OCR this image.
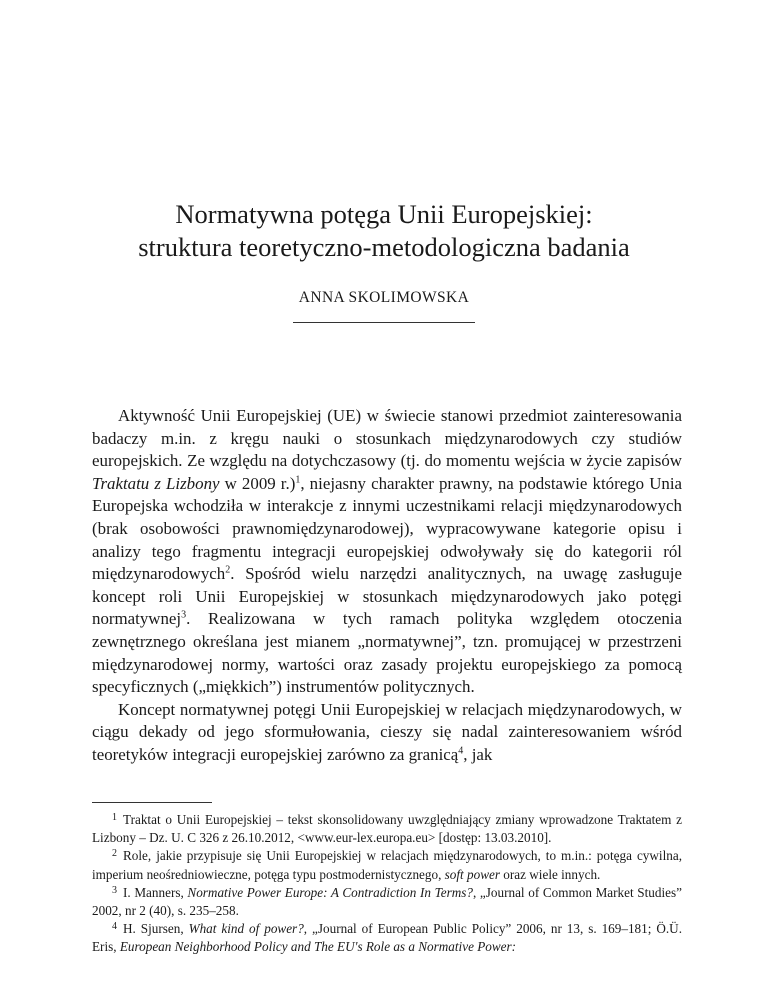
Normatywna potęga Unii Europejskiej:
struktura teoretyczno-metodologiczna badania
ANNA SKOLIMOWSKA

Aktywność Unii Europejskiej (UE) w świecie stanowi przedmiot zainteresowania badaczy m.in. z kręgu nauki o stosunkach międzynarodowych czy studiów europejskich. Ze względu na dotychczasowy (tj. do momentu wejścia w życie zapisów Traktatu z Lizbony w 2009 r.)$^1$, niejasny charakter prawny, na podstawie którego Unia Europejska wchodziła w interakcje z innymi uczestnikami relacji międzynarodowych (brak osobowości prawnomiędzynarodowej), wypracowywane kategorie opisu i analizy tego fragmentu integracji europejskiej odwoływały się do kategorii ról międzynarodowych$^2$. Spośród wielu narzędzi analitycznych, na uwagę zasługuje koncept roli Unii Europejskiej w stosunkach międzynarodowych jako potęgi normatywnej$^3$. Realizowana w tych ramach polityka względem otoczenia zewnętrznego określana jest mianem „normatywnej”, tzn. promującej w przestrzeni międzynarodowej normy, wartości oraz zasady projektu europejskiego za pomocą specyficznych („miękkich”) instrumentów politycznych.

Koncept normatywnej potęgi Unii Europejskiej w relacjach międzynarodowych, w ciągu dekady od jego sformułowania, cieszy się nadal zainteresowaniem wśród teoretyków integracji europejskiej zarówno za granicą$^4$, jak

$^1$ Traktat o Unii Europejskiej – tekst skonsolidowany uwzględniający zmiany wprowadzone Traktatem z Lizbony – Dz. U. C 326 z 26.10.2012, <www.eur-lex.europa.eu> [dostęp: 13.03.2010].

$^2$ Role, jakie przypisuje się Unii Europejskiej w relacjach międzynarodowych, to m.in.: potęga cywilna, imperium neośredniowieczne, potęga typu postmodernistycznego, soft power oraz wiele innych.

$^3$ I. Manners, Normative Power Europe: A Contradiction In Terms?, „Journal of Common Market Studies” 2002, nr 2 (40), s. 235–258.

$^4$ H. Sjursen, What kind of power?, „Journal of European Public Policy” 2006, nr 13, s. 169–181; Ö.Ü. Eris, European Neighborhood Policy and The EU's Role as a Normative Power:
